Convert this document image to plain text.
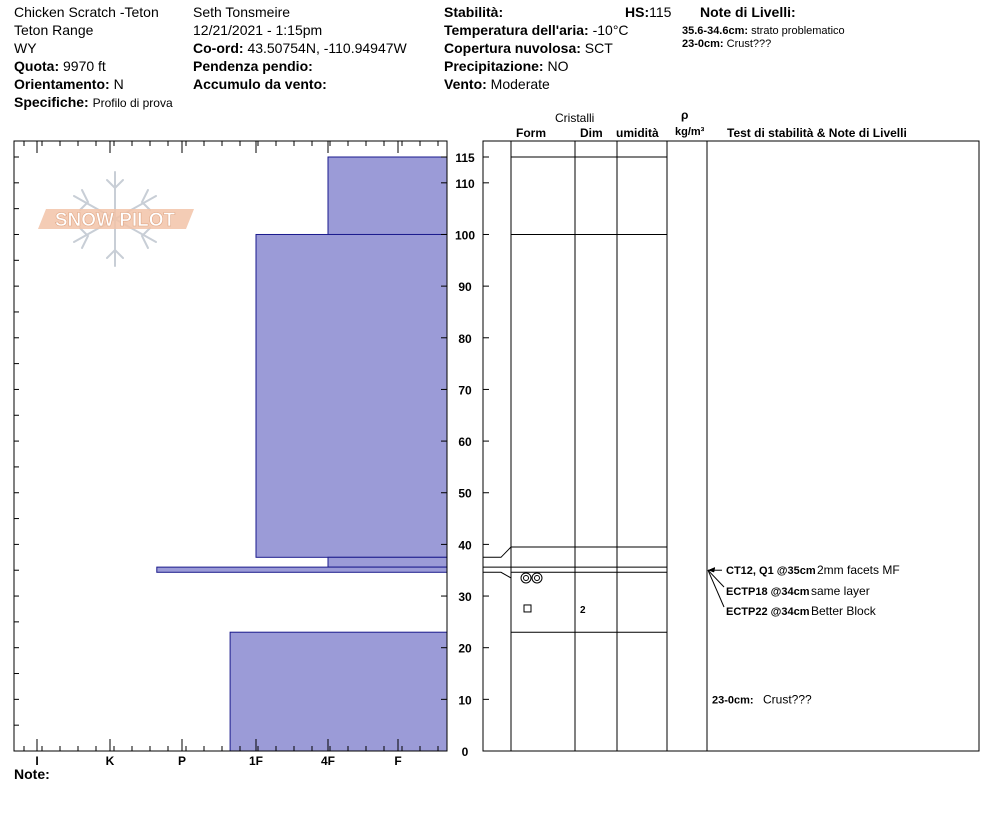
Chicken Scratch -Teton
Teton Range
WY
Quota: 9970 ft
Orientamento: N
Specifiche: Profilo di prova
Seth Tonsmeire
12/21/2021 - 1:15pm
Co-ord: 43.50754N, -110.94947W
Pendenza pendio:
Accumulo da vento:
Stabilità:	HS:115
Temperatura dell'aria: -10°C
Copertura nuvolosa: SCT
Precipitazione: NO
Vento: Moderate
Note di Livelli:
35.6-34.6cm: strato problematico
23-0cm: Crust???
Cristalli
Form	Dim umidità
ρ
kg/m³ Test di stabilità & Note di Livelli
Note:
SNOW PILOT
I	K	P	1F	4F	F
0
10
20
30
40
50
60
70
80
90
100
110
115
2
CT12, Q1 @35cm 2mm facets MF
ECTP18 @34cm same layer
ECTP22 @34cm Better Block
23-0cm: Crust???
